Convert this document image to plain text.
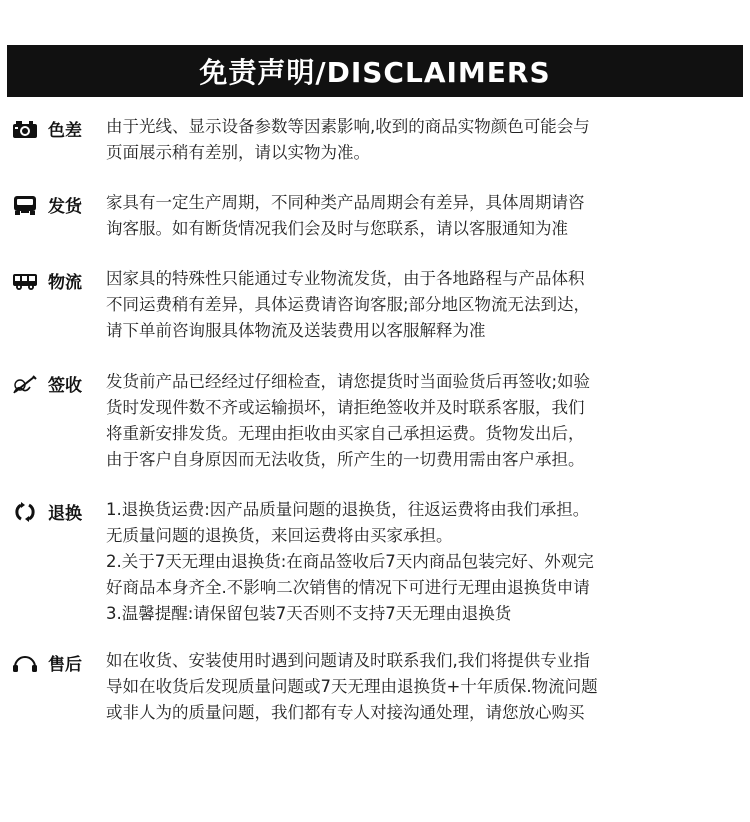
免责声明/DISCLAIMERS
色差 由于光线、显示设备参数等因素影响,收到的商品实物颜色可能会与
页面展示稍有差别，请以实物为准。
发货 家具有一定生产周期，不同种类产品周期会有差异，具体周期请咨
询客服。如有断货情况我们会及时与您联系，请以客服通知为准
物流 因家具的特殊性只能通过专业物流发货，由于各地路程与产品体积
不同运费稍有差异，具体运费请咨询客服;部分地区物流无法到达，
请下单前咨询服具体物流及送装费用以客服解释为准
签收 发货前产品已经经过仔细检查，请您提货时当面验货后再签收;如验
货时发现件数不齐或运输损坏，请拒绝签收并及时联系客服，我们
将重新安排发货。无理由拒收由买家自己承担运费。货物发出后，
由于客户自身原因而无法收货，所产生的一切费用需由客户承担。
退换 1.退换货运费:因产品质量问题的退换货，往返运费将由我们承担。
无质量问题的退换货，来回运费将由买家承担。
2.关于7天无理由退换货:在商品签收后7天内商品包装完好、外观完
好商品本身齐全.不影响二次销售的情况下可进行无理由退换货申请
3.温馨提醒:请保留包装7天否则不支持7天无理由退换货
售后 如在收货、安装使用时遇到问题请及时联系我们,我们将提供专业指
导如在收货后发现质量问题或7天无理由退换货+十年质保.物流问题
或非人为的质量问题，我们都有专人对接沟通处理，请您放心购买
